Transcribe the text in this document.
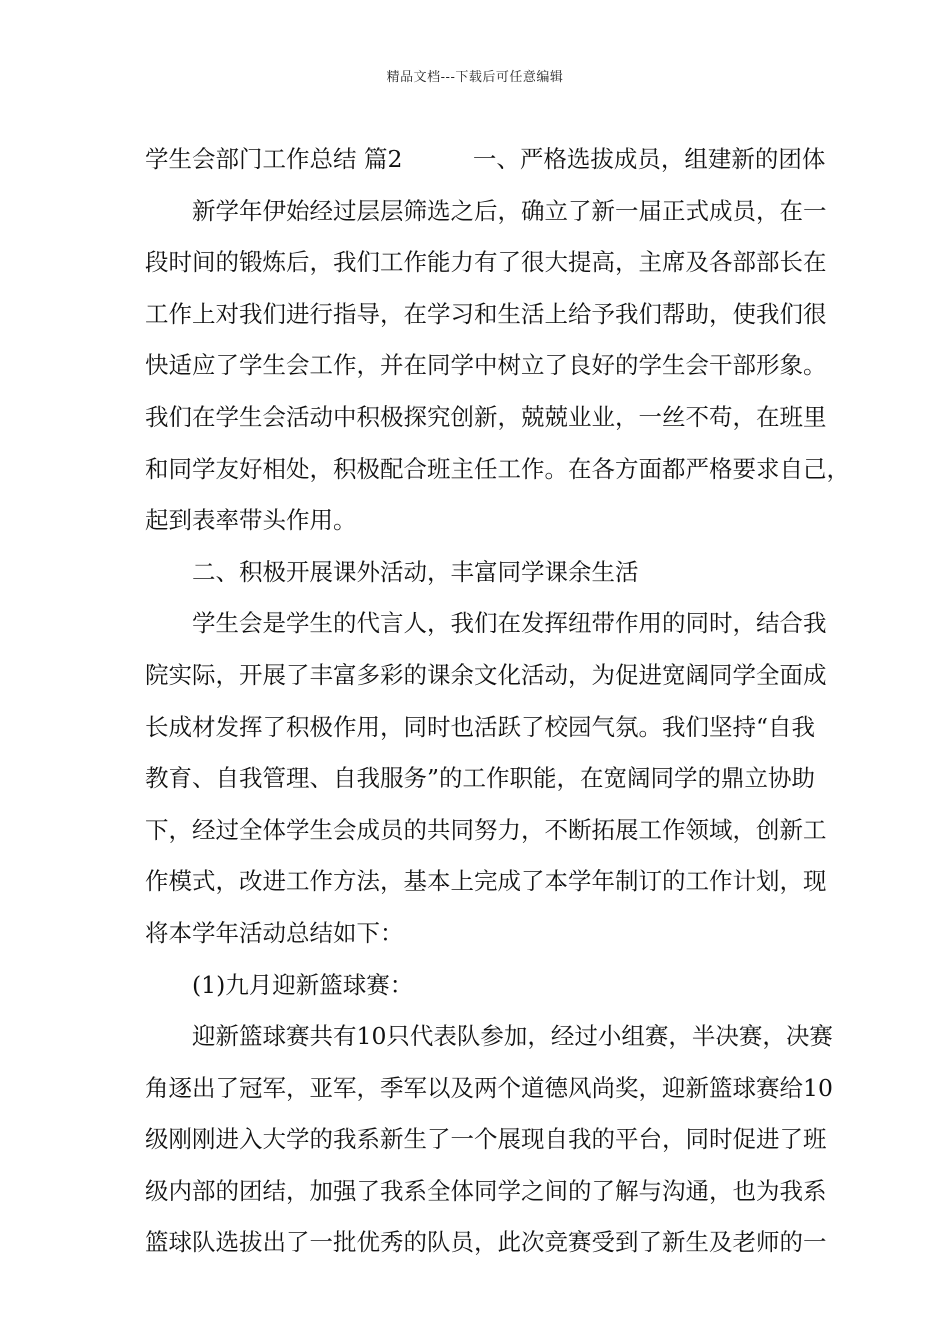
精品文档---下载后可任意编辑
学生会部门工作总结 篇2　　　一、严格选拔成员，组建新的团体
新学年伊始经过层层筛选之后，确立了新一届正式成员，在一
段时间的锻炼后，我们工作能力有了很大提高，主席及各部部长在
工作上对我们进行指导，在学习和生活上给予我们帮助，使我们很
快适应了学生会工作，并在同学中树立了良好的学生会干部形象。
我们在学生会活动中积极探究创新，兢兢业业，一丝不苟，在班里
和同学友好相处，积极配合班主任工作。在各方面都严格要求自己，
起到表率带头作用。
二、积极开展课外活动，丰富同学课余生活
学生会是学生的代言人，我们在发挥纽带作用的同时，结合我
院实际，开展了丰富多彩的课余文化活动，为促进宽阔同学全面成
长成材发挥了积极作用，同时也活跃了校园气氛。我们坚持“自我
教育、自我管理、自我服务”的工作职能，在宽阔同学的鼎立协助
下，经过全体学生会成员的共同努力，不断拓展工作领域，创新工
作模式，改进工作方法，基本上完成了本学年制订的工作计划，现
将本学年活动总结如下：
(1)九月迎新篮球赛：
迎新篮球赛共有10只代表队参加，经过小组赛，半决赛，决赛
角逐出了冠军，亚军，季军以及两个道德风尚奖，迎新篮球赛给10
级刚刚进入大学的我系新生了一个展现自我的平台，同时促进了班
级内部的团结，加强了我系全体同学之间的了解与沟通，也为我系
篮球队选拔出了一批优秀的队员，此次竞赛受到了新生及老师的一
